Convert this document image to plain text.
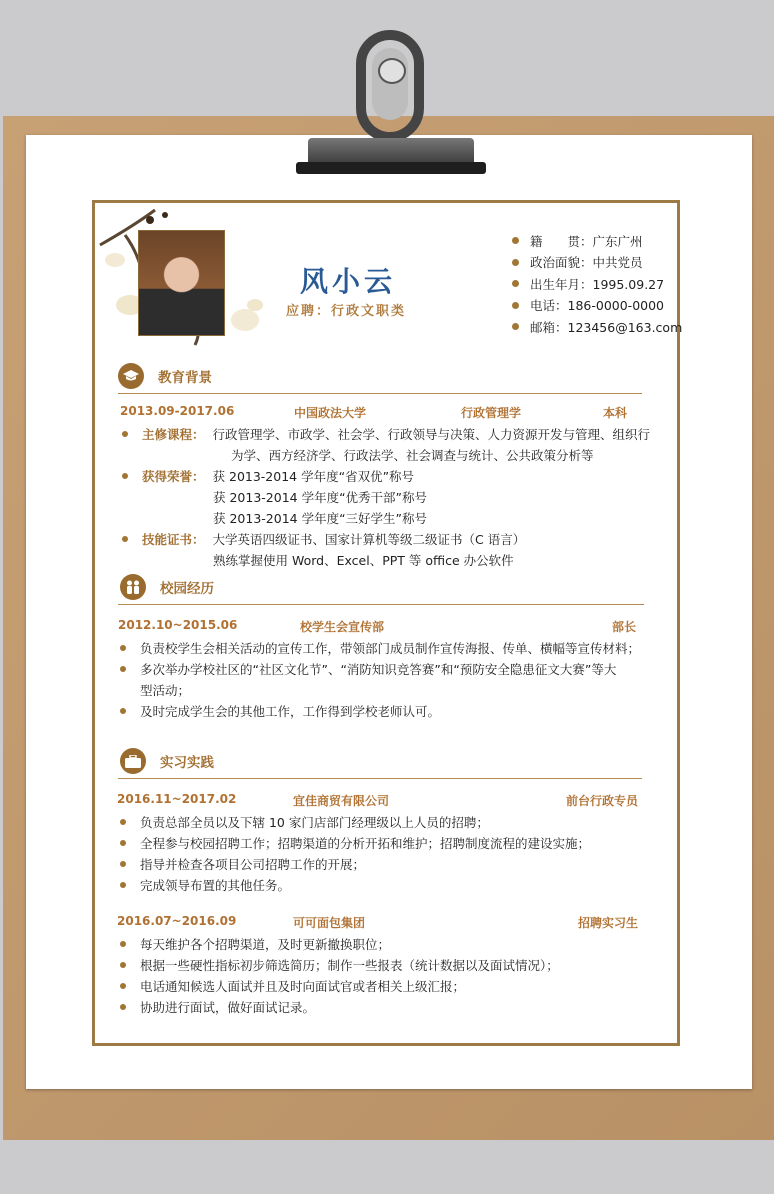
风小云
应聘：行政文职类
籍　　贯：广东广州
政治面貌：中共党员
出生年月：1995.09.27
电话：186-0000-0000
邮箱：123456@163.com
教育背景
2013.09-2017.06	中国政法大学	行政管理学	本科
主修课程： 行政管理学、市政学、社会学、行政领导与决策、人力资源开发与管理、组织行
为学、西方经济学、行政法学、社会调查与统计、公共政策分析等
获得荣誉： 获 2013-2014 学年度“省双优”称号
获 2013-2014 学年度“优秀干部”称号
获 2013-2014 学年度“三好学生”称号
技能证书： 大学英语四级证书、国家计算机等级二级证书（C 语言）
熟练掌握使用 Word、Excel、PPT 等 office 办公软件
校园经历
2012.10~2015.06	校学生会宣传部	部长
负责校学生会相关活动的宣传工作，带领部门成员制作宣传海报、传单、横幅等宣传材料；
多次举办学校社区的“社区文化节”、“消防知识竞答赛”和“预防安全隐患征文大赛”等大
型活动；
及时完成学生会的其他工作，工作得到学校老师认可。
实习实践
2016.11~2017.02	宜佳商贸有限公司	前台行政专员
负责总部全员以及下辖 10 家门店部门经理级以上人员的招聘；
全程参与校园招聘工作；招聘渠道的分析开拓和维护；招聘制度流程的建设实施；
指导并检查各项目公司招聘工作的开展；
完成领导布置的其他任务。
2016.07~2016.09	可可面包集团	招聘实习生
每天维护各个招聘渠道，及时更新撤换职位；
根据一些硬性指标初步筛选简历；制作一些报表（统计数据以及面试情况）；
电话通知候选人面试并且及时向面试官或者相关上级汇报；
协助进行面试，做好面试记录。
